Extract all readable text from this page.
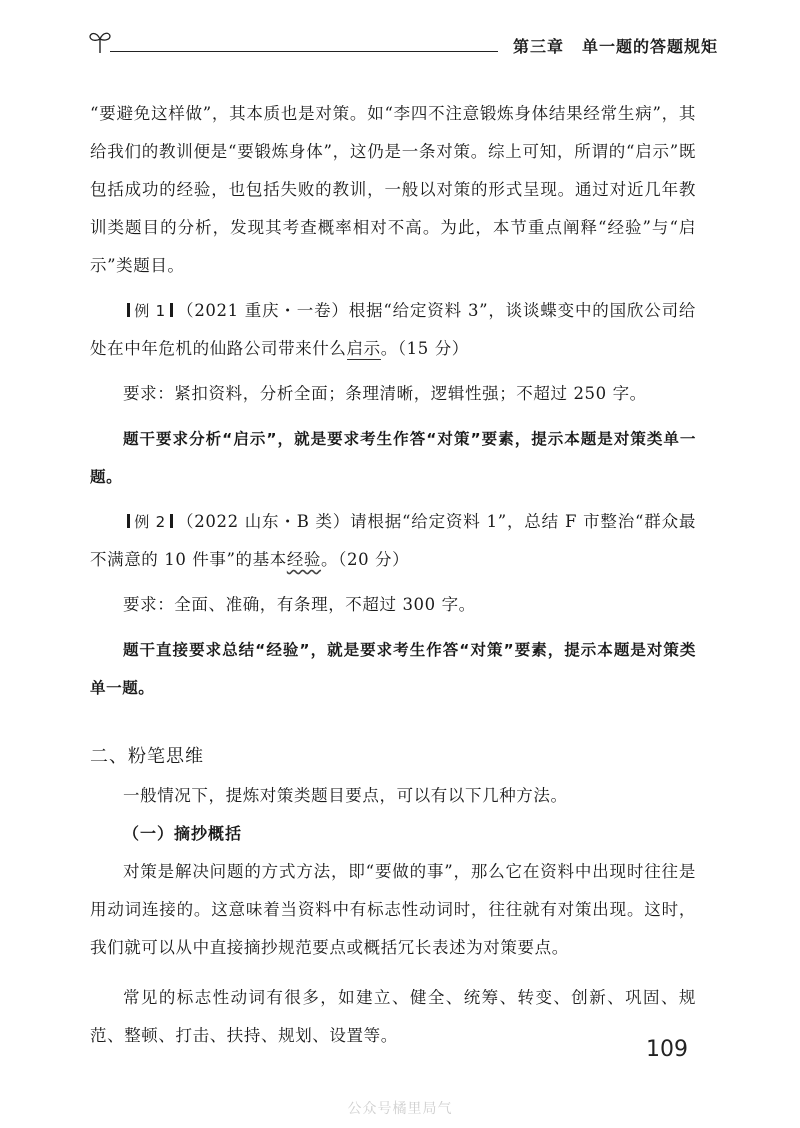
第三章 单一题的答题规矩

“要避免这样做”，其本质也是对策。如“李四不注意锻炼身体结果经常生病”，其给我们的教训便是“要锻炼身体”，这仍是一条对策。综上可知，所谓的“启示”既包括成功的经验，也包括失败的教训，一般以对策的形式呈现。通过对近几年教训类题目的分析，发现其考查概率相对不高。为此，本节重点阐释“经验”与“启示”类题目。

例 1 （2021 重庆・一卷）根据“给定资料 3”，谈谈蝶变中的国欣公司给处在中年危机的仙路公司带来什么启示。（15 分）

要求：紧扣资料，分析全面；条理清晰，逻辑性强；不超过 250 字。

题干要求分析“启示”，就是要求考生作答“对策”要素，提示本题是对策类单一题。

例 2 （2022 山东・B 类）请根据“给定资料 1”，总结 F 市整治“群众最不满意的 10 件事”的基本经验。（20 分）

要求：全面、准确，有条理，不超过 300 字。

题干直接要求总结“经验”，就是要求考生作答“对策”要素，提示本题是对策类单一题。

二、粉笔思维

一般情况下，提炼对策类题目要点，可以有以下几种方法。

（一）摘抄概括

对策是解决问题的方式方法，即“要做的事”，那么它在资料中出现时往往是用动词连接的。这意味着当资料中有标志性动词时，往往就有对策出现。这时，我们就可以从中直接摘抄规范要点或概括冗长表述为对策要点。

常见的标志性动词有很多，如建立、健全、统筹、转变、创新、巩固、规范、整顿、打击、扶持、规划、设置等。

109
公众号橘里局气
